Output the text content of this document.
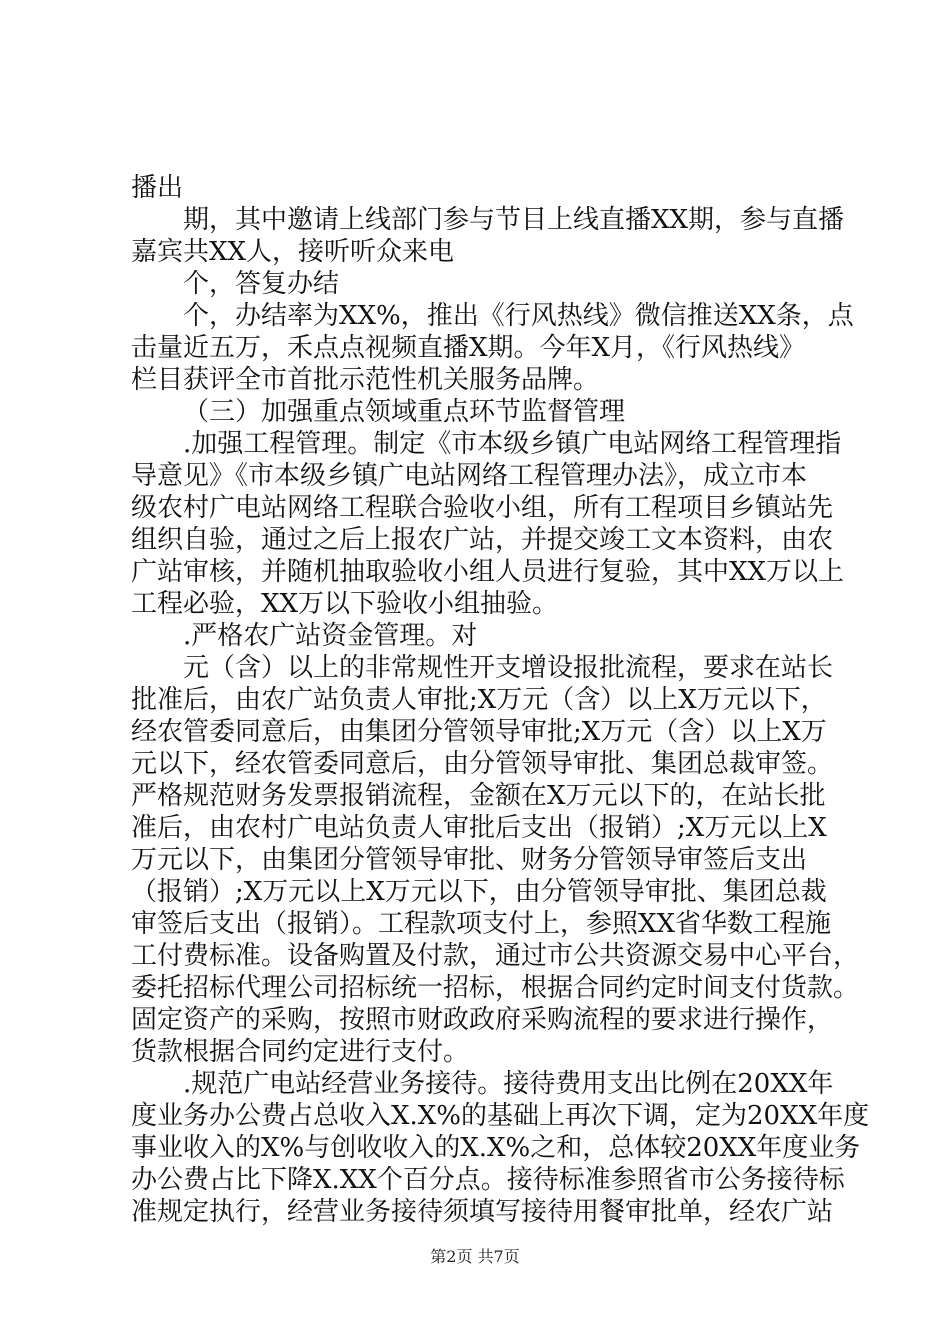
播出

期，其中邀请上线部门参与节目上线直播XX期，参与直播

嘉宾共XX人，接听听众来电

个，答复办结

个，办结率为XX%，推出《行风热线》微信推送XX条，点

击量近五万，禾点点视频直播X期。今年X月，《行风热线》

栏目获评全市首批示范性机关服务品牌。

（三）加强重点领域重点环节监督管理

.加强工程管理。制定《市本级乡镇广电站网络工程管理指

导意见》《市本级乡镇广电站网络工程管理办法》，成立市本

级农村广电站网络工程联合验收小组，所有工程项目乡镇站先

组织自验，通过之后上报农广站，并提交竣工文本资料，由农

广站审核，并随机抽取验收小组人员进行复验，其中XX万以上

工程必验，XX万以下验收小组抽验。

.严格农广站资金管理。对

元（含）以上的非常规性开支增设报批流程，要求在站长

批准后，由农广站负责人审批;X万元（含）以上X万元以下，

经农管委同意后，由集团分管领导审批;X万元（含）以上X万

元以下，经农管委同意后，由分管领导审批、集团总裁审签。

严格规范财务发票报销流程，金额在X万元以下的，在站长批

准后，由农村广电站负责人审批后支出（报销）;X万元以上X

万元以下，由集团分管领导审批、财务分管领导审签后支出

（报销）;X万元以上X万元以下，由分管领导审批、集团总裁

审签后支出（报销）。工程款项支付上，参照XX省华数工程施

工付费标准。设备购置及付款，通过市公共资源交易中心平台，

委托招标代理公司招标统一招标，根据合同约定时间支付货款。

固定资产的采购，按照市财政政府采购流程的要求进行操作，

货款根据合同约定进行支付。

.规范广电站经营业务接待。接待费用支出比例在20XX年

度业务办公费占总收入X.X%的基础上再次下调，定为20XX年度

事业收入的X%与创收收入的X.X%之和，总体较20XX年度业务

办公费占比下降X.XX个百分点。接待标准参照省市公务接待标

准规定执行，经营业务接待须填写接待用餐审批单，经农广站

第2页 共7页
